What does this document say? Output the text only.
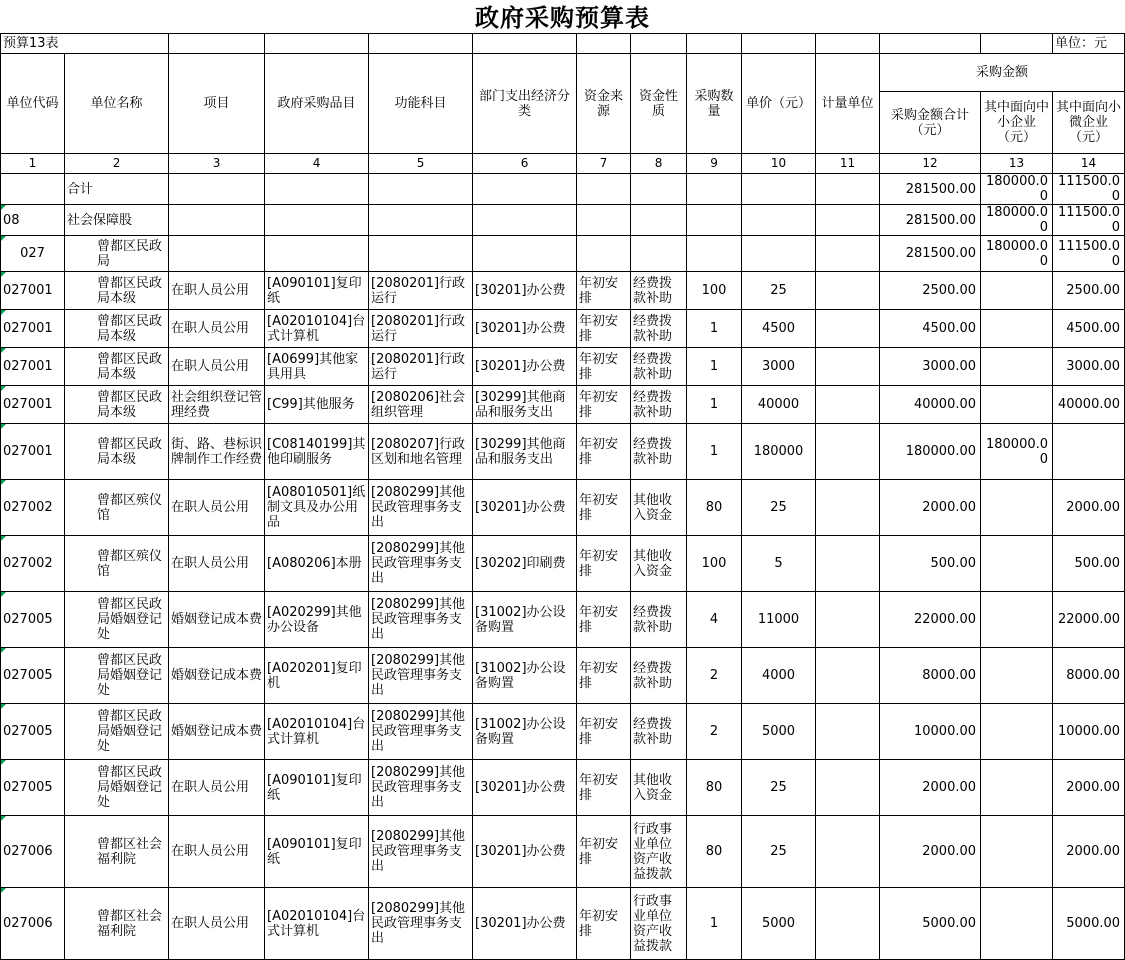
政府采购预算表
预算13表													单位：元
单位代码	单位名称	项目	政府采购品目	功能科目	部门支出经济分类	资金来源	资金性质	采购数量	单价（元）	计量单位	采购金额		
											采购金额合计（元）	其中面向中小企业（元）	其中面向小微企业（元）
1	2	3	4	5	6	7	8	9	10	11	12	13	14
	合计										281500.00	180000.00	111500.00
08	社会保障股										281500.00	180000.00	111500.00
027	曾都区民政局										281500.00	180000.00	111500.00
027001	曾都区民政局本级	在职人员公用	[A090101]复印纸	[2080201]行政运行	[30201]办公费	年初安排	经费拨款补助	100	25		2500.00		2500.00
027001	曾都区民政局本级	在职人员公用	[A02010104]台式计算机	[2080201]行政运行	[30201]办公费	年初安排	经费拨款补助	1	4500		4500.00		4500.00
027001	曾都区民政局本级	在职人员公用	[A0699]其他家具用具	[2080201]行政运行	[30201]办公费	年初安排	经费拨款补助	1	3000		3000.00		3000.00
027001	曾都区民政局本级	社会组织登记管理经费	[C99]其他服务	[2080206]社会组织管理	[30299]其他商品和服务支出	年初安排	经费拨款补助	1	40000		40000.00		40000.00
027001	曾都区民政局本级	街、路、巷标识牌制作工作经费	[C08140199]其他印刷服务	[2080207]行政区划和地名管理	[30299]其他商品和服务支出	年初安排	经费拨款补助	1	180000		180000.00	180000.00	
027002	曾都区殡仪馆	在职人员公用	[A08010501]纸制文具及办公用品	[2080299]其他民政管理事务支出	[30201]办公费	年初安排	其他收入资金	80	25		2000.00		2000.00
027002	曾都区殡仪馆	在职人员公用	[A080206]本册	[2080299]其他民政管理事务支出	[30202]印刷费	年初安排	其他收入资金	100	5		500.00		500.00
027005	曾都区民政局婚姻登记处	婚姻登记成本费	[A020299]其他办公设备	[2080299]其他民政管理事务支出	[31002]办公设备购置	年初安排	经费拨款补助	4	11000		22000.00		22000.00
027005	曾都区民政局婚姻登记处	婚姻登记成本费	[A020201]复印机	[2080299]其他民政管理事务支出	[31002]办公设备购置	年初安排	经费拨款补助	2	4000		8000.00		8000.00
027005	曾都区民政局婚姻登记处	婚姻登记成本费	[A02010104]台式计算机	[2080299]其他民政管理事务支出	[31002]办公设备购置	年初安排	经费拨款补助	2	5000		10000.00		10000.00
027005	曾都区民政局婚姻登记处	在职人员公用	[A090101]复印纸	[2080299]其他民政管理事务支出	[30201]办公费	年初安排	其他收入资金	80	25		2000.00		2000.00
027006	曾都区社会福利院	在职人员公用	[A090101]复印纸	[2080299]其他民政管理事务支出	[30201]办公费	年初安排	行政事业单位资产收益拨款	80	25		2000.00		2000.00
027006	曾都区社会福利院	在职人员公用	[A02010104]台式计算机	[2080299]其他民政管理事务支出	[30201]办公费	年初安排	行政事业单位资产收益拨款	1	5000		5000.00		5000.00
